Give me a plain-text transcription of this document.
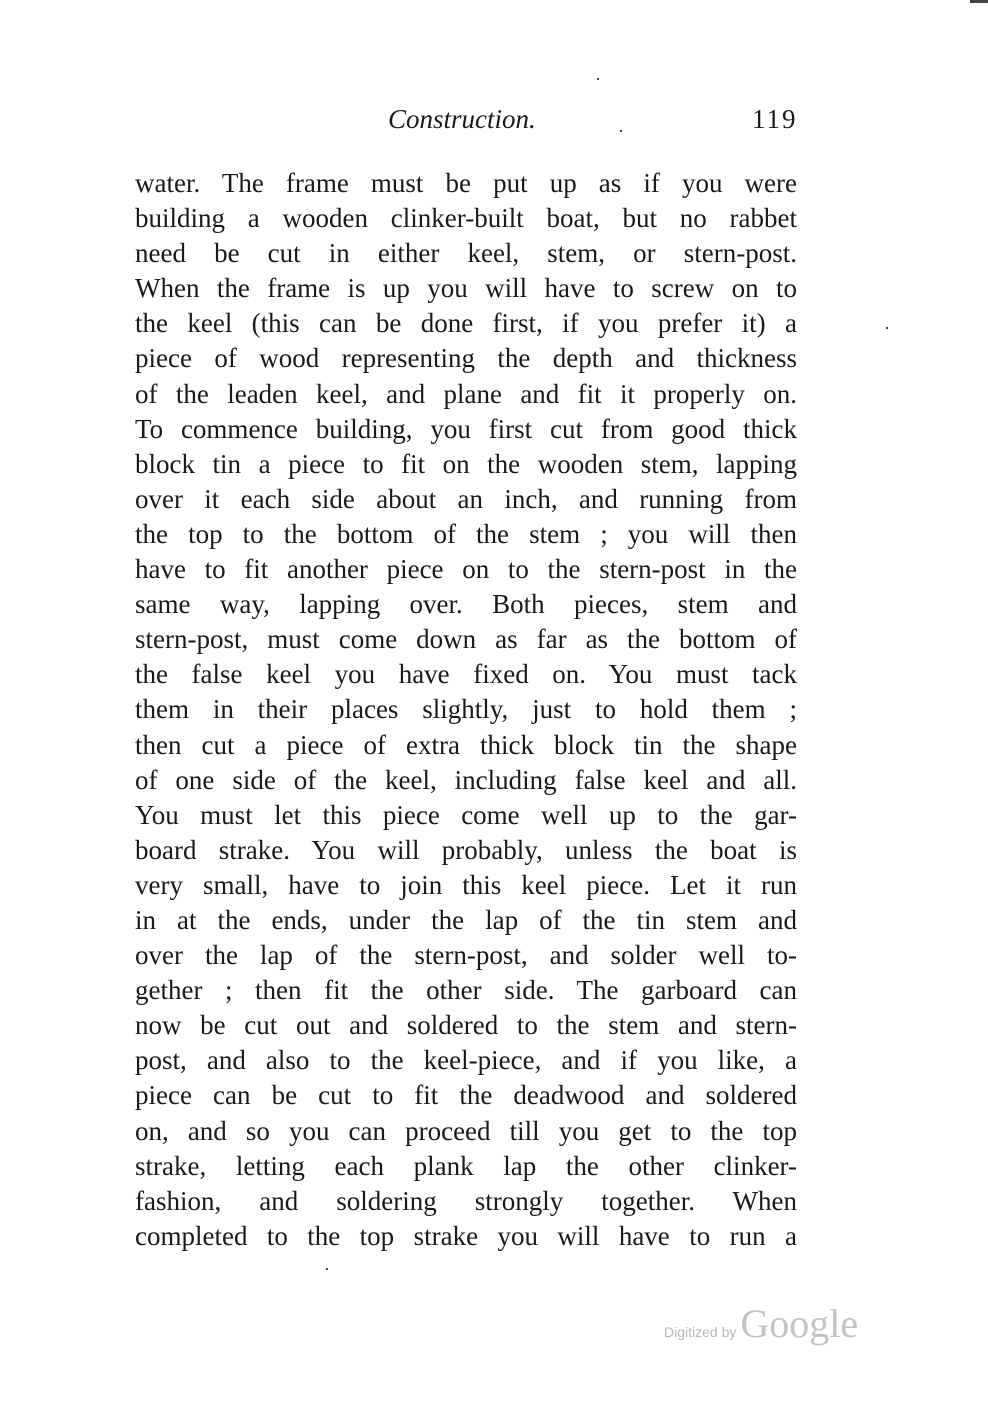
Construction.	119
water. The frame must be put up as if you were
building a wooden clinker-built boat, but no rabbet
need be cut in either keel, stem, or stern-post.
When the frame is up you will have to screw on to
the keel (this can be done first, if you prefer it) a
piece of wood representing the depth and thickness
of the leaden keel, and plane and fit it properly on.
To commence building, you first cut from good thick
block tin a piece to fit on the wooden stem, lapping
over it each side about an inch, and running from
the top to the bottom of the stem ; you will then
have to fit another piece on to the stern-post in the
same way, lapping over. Both pieces, stem and
stern-post, must come down as far as the bottom of
the false keel you have fixed on. You must tack
them in their places slightly, just to hold them ;
then cut a piece of extra thick block tin the shape
of one side of the keel, including false keel and all.
You must let this piece come well up to the gar-
board strake. You will probably, unless the boat is
very small, have to join this keel piece. Let it run
in at the ends, under the lap of the tin stem and
over the lap of the stern-post, and solder well to-
gether ; then fit the other side. The garboard can
now be cut out and soldered to the stem and stern-
post, and also to the keel-piece, and if you like, a
piece can be cut to fit the deadwood and soldered
on, and so you can proceed till you get to the top
strake, letting each plank lap the other clinker-
fashion, and soldering strongly together. When
completed to the top strake you will have to run a
Digitized by Google
